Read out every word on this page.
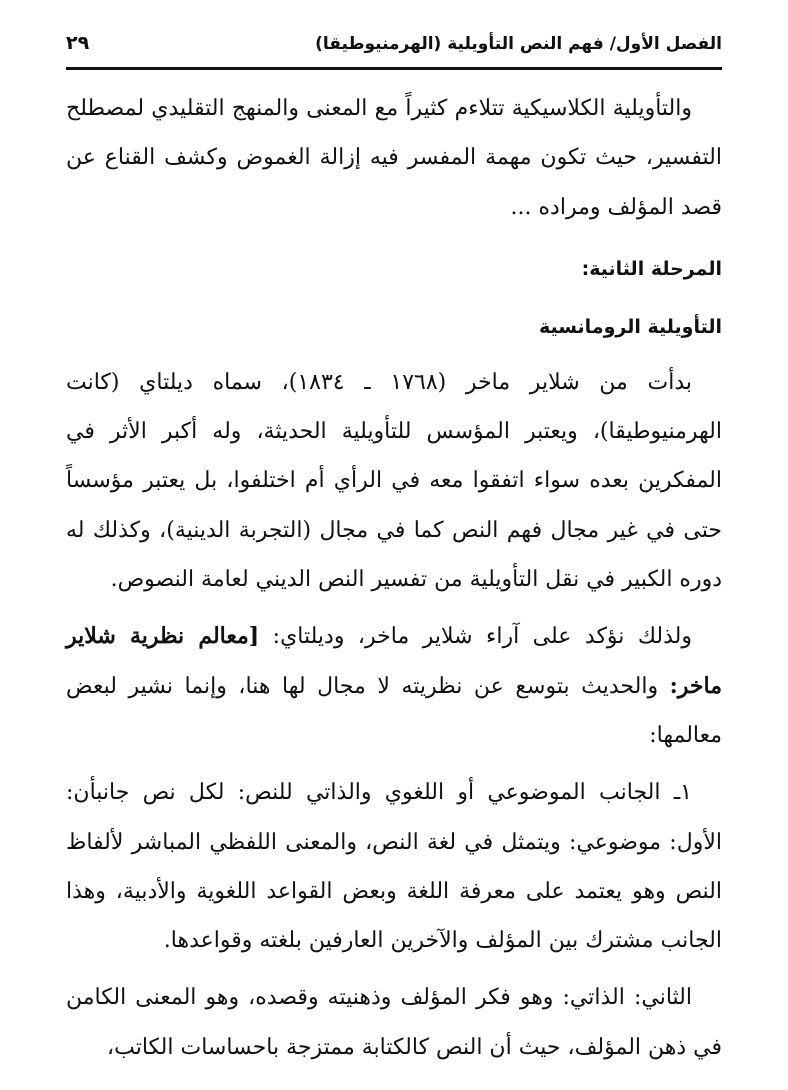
الفصل الأول/ فهم النص التأويلية (الهرمنيوطيقا)
٢٩

والتأويلية الكلاسيكية تتلاءم كثيراً مع المعنى والمنهج التقليدي لمصطلح التفسير، حيث تكون مهمة المفسر فيه إزالة الغموض وكشف القناع عن قصد المؤلف ومراده ...

المرحلة الثانية:
التأويلية الرومانسية

بدأت من شلاير ماخر (١٧٦٨ ـ ١٨٣٤)، سماه ديلتاي (كانت الهرمنيوطيقا)، ويعتبر المؤسس للتأويلية الحديثة، وله أكبر الأثر في المفكرين بعده سواء اتفقوا معه في الرأي أم اختلفوا، بل يعتبر مؤسساً حتى في غير مجال فهم النص كما في مجال (التجربة الدينية)، وكذلك له دوره الكبير في نقل التأويلية من تفسير النص الديني لعامة النصوص.

ولذلك نؤكد على آراء شلاير ماخر، وديلتاي: [معالم نظرية شلاير ماخر: والحديث بتوسع عن نظريته لا مجال لها هنا، وإنما نشير لبعض معالمها:

١ـ الجانب الموضوعي أو اللغوي والذاتي للنص: لكل نص جانبأن: الأول: موضوعي: ويتمثل في لغة النص، والمعنى اللفظي المباشر لألفاظ النص وهو يعتمد على معرفة اللغة وبعض القواعد اللغوية والأدبية، وهذا الجانب مشترك بين المؤلف والآخرين العارفين بلغته وقواعدها.

الثاني: الذاتي: وهو فكر المؤلف وذهنيته وقصده، وهو المعنى الكامن في ذهن المؤلف، حيث أن النص كالكتابة ممتزجة باحساسات الكاتب،
